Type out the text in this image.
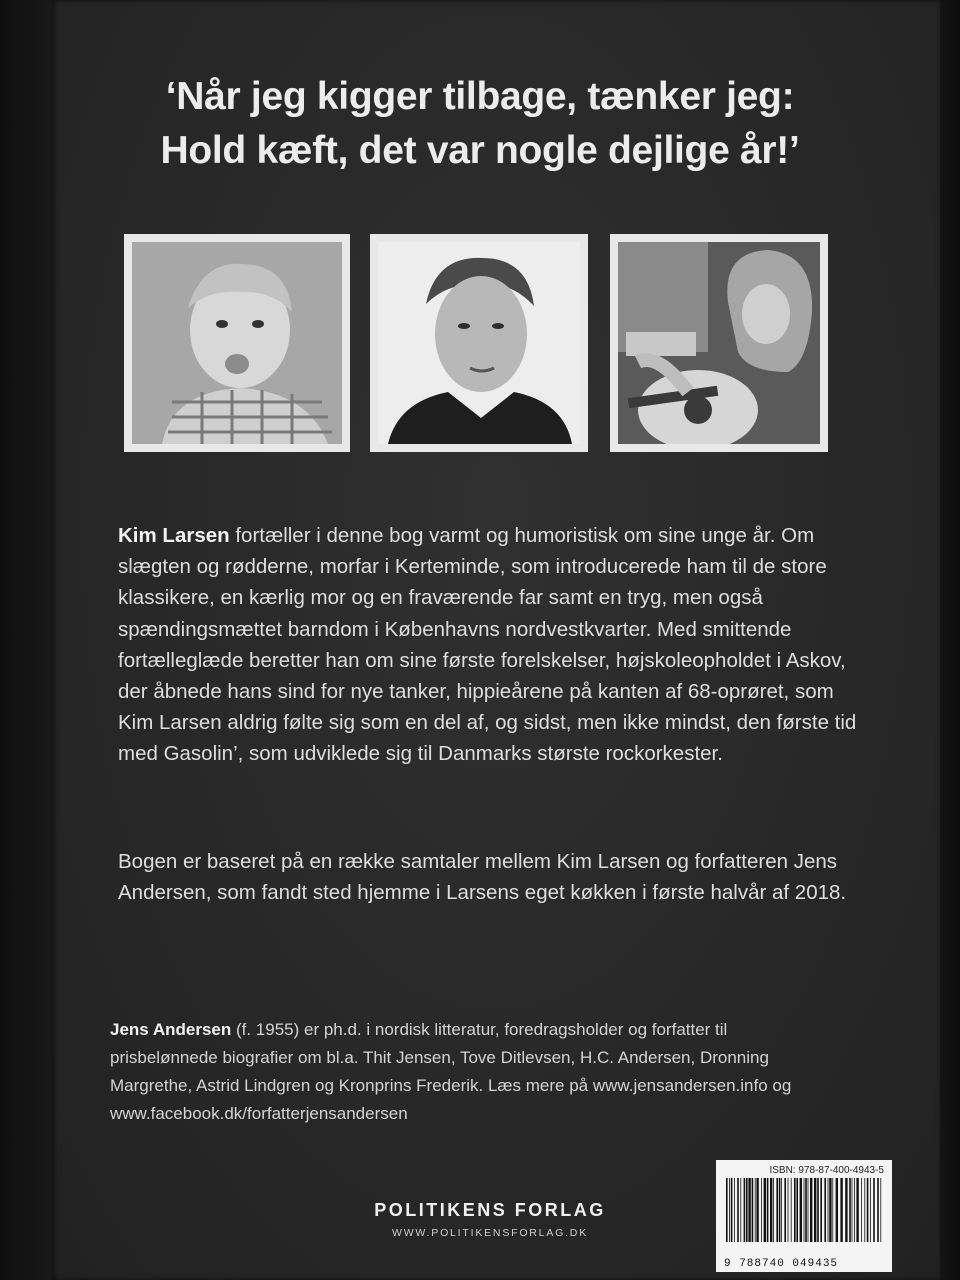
‘Når jeg kigger tilbage, tænker jeg:
Hold kæft, det var nogle dejlige år!’

Kim Larsen fortæller i denne bog varmt og humoristisk om sine unge år. Om slægten og rødderne, morfar i Kerteminde, som introducerede ham til de store klassikere, en kærlig mor og en fraværende far samt en tryg, men også spændingsmættet barndom i Københavns nordvestkvarter. Med smittende fortælleglæde beretter han om sine første forelskelser, højskoleopholdet i Askov, der åbnede hans sind for nye tanker, hippieårene på kanten af 68-oprøret, som Kim Larsen aldrig følte sig som en del af, og sidst, men ikke mindst, den første tid med Gasolin’, som udviklede sig til Danmarks største rockorkester.

Bogen er baseret på en række samtaler mellem Kim Larsen og forfatteren Jens Andersen, som fandt sted hjemme i Larsens eget køkken i første halvår af 2018.

Jens Andersen (f. 1955) er ph.d. i nordisk litteratur, foredragsholder og forfatter til prisbelønnede biografier om bl.a. Thit Jensen, Tove Ditlevsen, H.C. Andersen, Dronning Margrethe, Astrid Lindgren og Kronprins Frederik. Læs mere på www.jensandersen.info og www.facebook.dk/forfatterjensandersen

POLITIKENS FORLAG
WWW.POLITIKENSFORLAG.DK
ISBN: 978-87-400-4943-5
9 788740 049435
